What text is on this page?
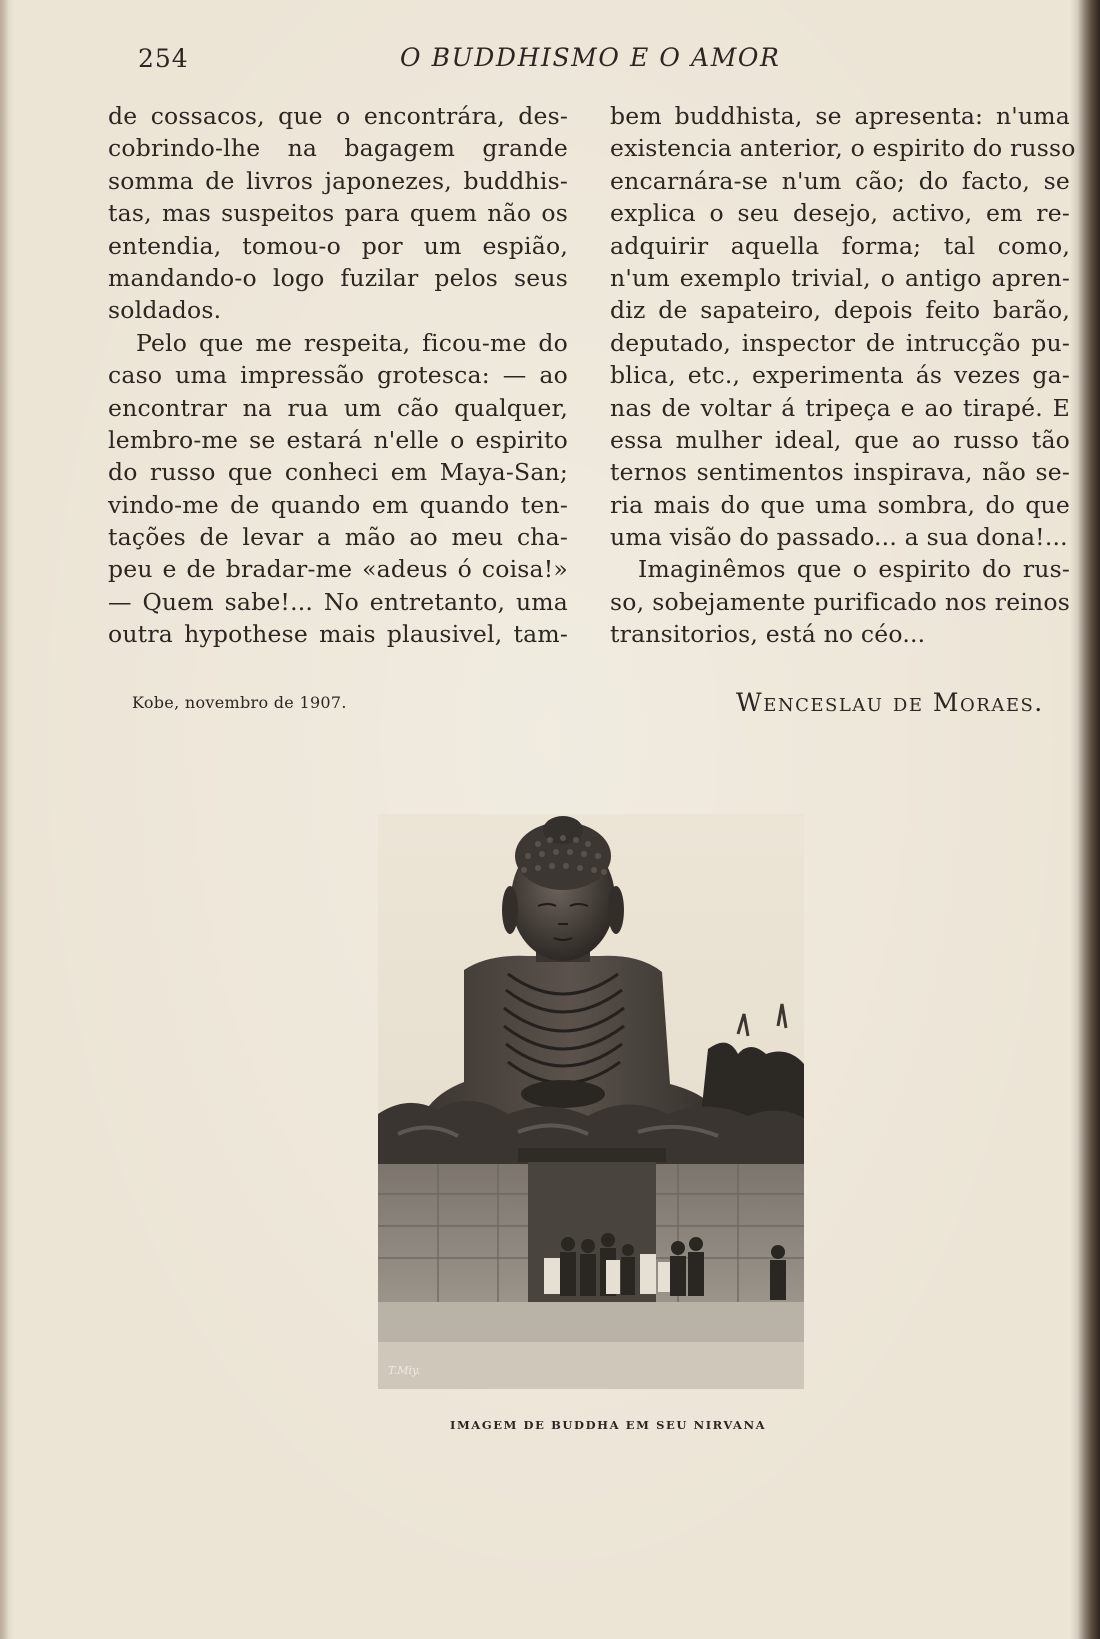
254	O BUDDHISMO E O AMOR
de cossacos, que o encontrára, des-
cobrindo-lhe na bagagem grande
somma de livros japonezes, buddhis-
tas, mas suspeitos para quem não os
entendia, tomou-o por um espião,
mandando-o logo fuzilar pelos seus
soldados.
Pelo que me respeita, ficou-me do
caso uma impressão grotesca: — ao
encontrar na rua um cão qualquer,
lembro-me se estará n'elle o espirito
do russo que conheci em Maya-San;
vindo-me de quando em quando ten-
tações de levar a mão ao meu cha-
peu e de bradar-me «adeus ó coisa!»
— Quem sabe!... No entretanto, uma
outra hypothese mais plausivel, tam-
bem buddhista, se apresenta: n'uma
existencia anterior, o espirito do russo
encarnára-se n'um cão; do facto, se
explica o seu desejo, activo, em re-
adquirir aquella forma; tal como,
n'um exemplo trivial, o antigo apren-
diz de sapateiro, depois feito barão,
deputado, inspector de intrucção pu-
blica, etc., experimenta ás vezes ga-
nas de voltar á tripeça e ao tirapé. E
essa mulher ideal, que ao russo tão
ternos sentimentos inspirava, não se-
ria mais do que uma sombra, do que
uma visão do passado... a sua dona!...
Imaginêmos que o espirito do rus-
so, sobejamente purificado nos reinos
transitorios, está no céo...
Kobe, novembro de 1907.	Wenceslau de Moraes.
T.Miy.
IMAGEM DE BUDDHA EM SEU NIRVANA
